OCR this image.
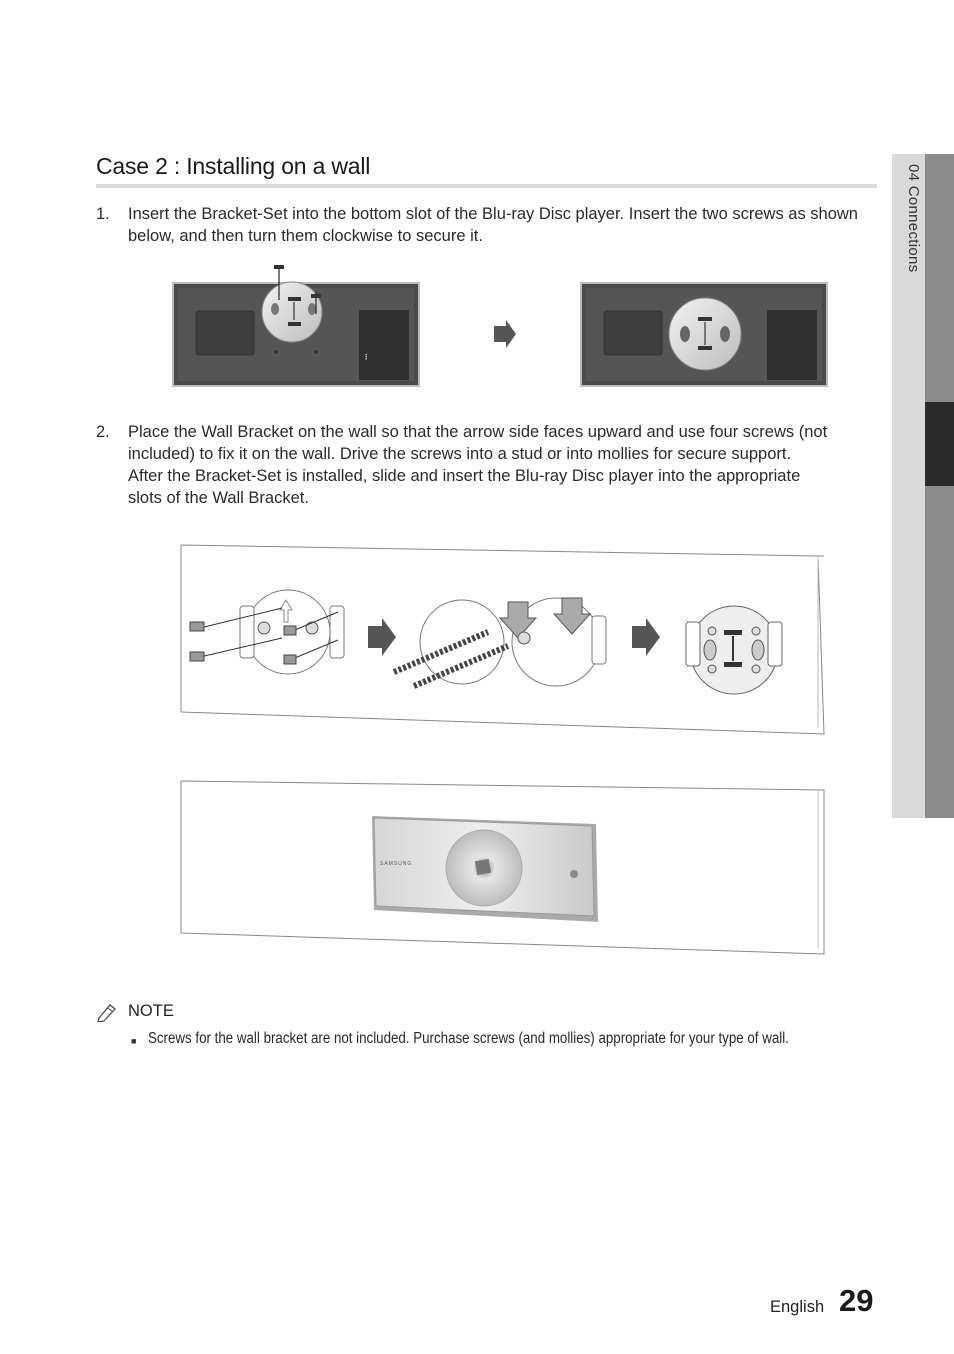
04 Connections
Case 2 : Installing on a wall
1.	Insert the Bracket-Set into the bottom slot of the Blu-ray Disc player. Insert the two screws as shown
below, and then turn them clockwise to secure it.
▪▪▪
2.	Place the Wall Bracket on the wall so that the arrow side faces upward and use four screws (not
included) to fix it on the wall. Drive the screws into a stud or into mollies for secure support.
After the Bracket-Set is installed, slide and insert the Blu-ray Disc player into the appropriate
slots of the Wall Bracket.
SAMSUNG
NOTE
■ Screws for the wall bracket are not included. Purchase screws (and mollies) appropriate for your type of wall.
English 29
